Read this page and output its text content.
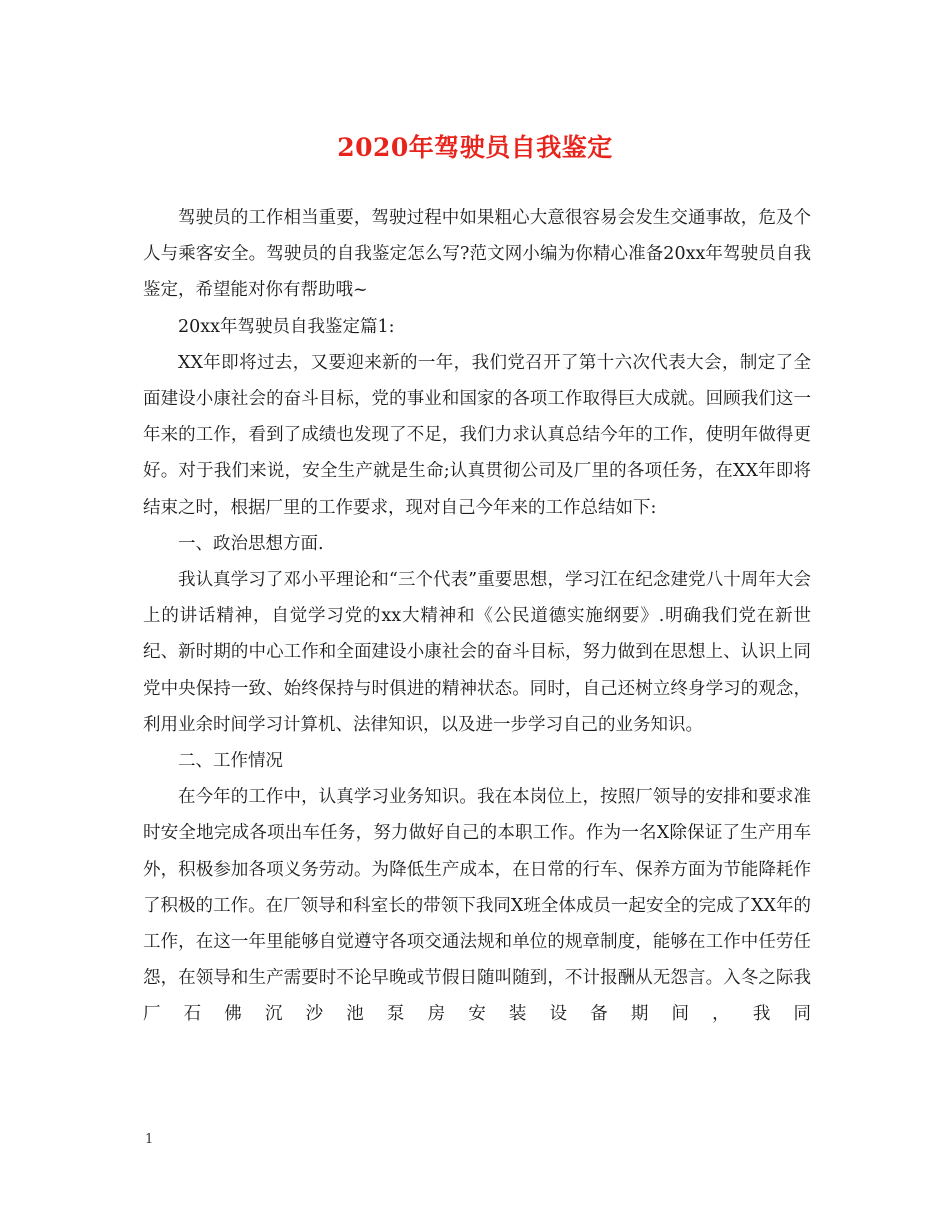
2020年驾驶员自我鉴定

驾驶员的工作相当重要，驾驶过程中如果粗心大意很容易会发生交通事故，危及个人与乘客安全。驾驶员的自我鉴定怎么写?范文网小编为你精心准备20xx年驾驶员自我鉴定，希望能对你有帮助哦~

20xx年驾驶员自我鉴定篇1:

XX年即将过去，又要迎来新的一年，我们党召开了第十六次代表大会，制定了全面建设小康社会的奋斗目标，党的事业和国家的各项工作取得巨大成就。回顾我们这一年来的工作，看到了成绩也发现了不足，我们力求认真总结今年的工作，使明年做得更好。对于我们来说，安全生产就是生命;认真贯彻公司及厂里的各项任务，在XX年即将结束之时，根据厂里的工作要求，现对自己今年来的工作总结如下:

一、政治思想方面.

我认真学习了邓小平理论和“三个代表”重要思想，学习江在纪念建党八十周年大会上的讲话精神，自觉学习党的xx大精神和《公民道德实施纲要》.明确我们党在新世纪、新时期的中心工作和全面建设小康社会的奋斗目标，努力做到在思想上、认识上同党中央保持一致、始终保持与时俱进的精神状态。同时，自己还树立终身学习的观念，利用业余时间学习计算机、法律知识，以及进一步学习自己的业务知识。

二、工作情况

在今年的工作中，认真学习业务知识。我在本岗位上，按照厂领导的安排和要求准时安全地完成各项出车任务，努力做好自己的本职工作。作为一名X除保证了生产用车外，积极参加各项义务劳动。为降低生产成本，在日常的行车、保养方面为节能降耗作了积极的工作。在厂领导和科室长的带领下我同X班全体成员一起安全的完成了XX年的工作，在这一年里能够自觉遵守各项交通法规和单位的规章制度，能够在工作中任劳任怨，在领导和生产需要时不论早晚或节假日随叫随到，不计报酬从无怨言。入冬之际我厂石佛沉沙池泵房安装设备期间，我同

1
